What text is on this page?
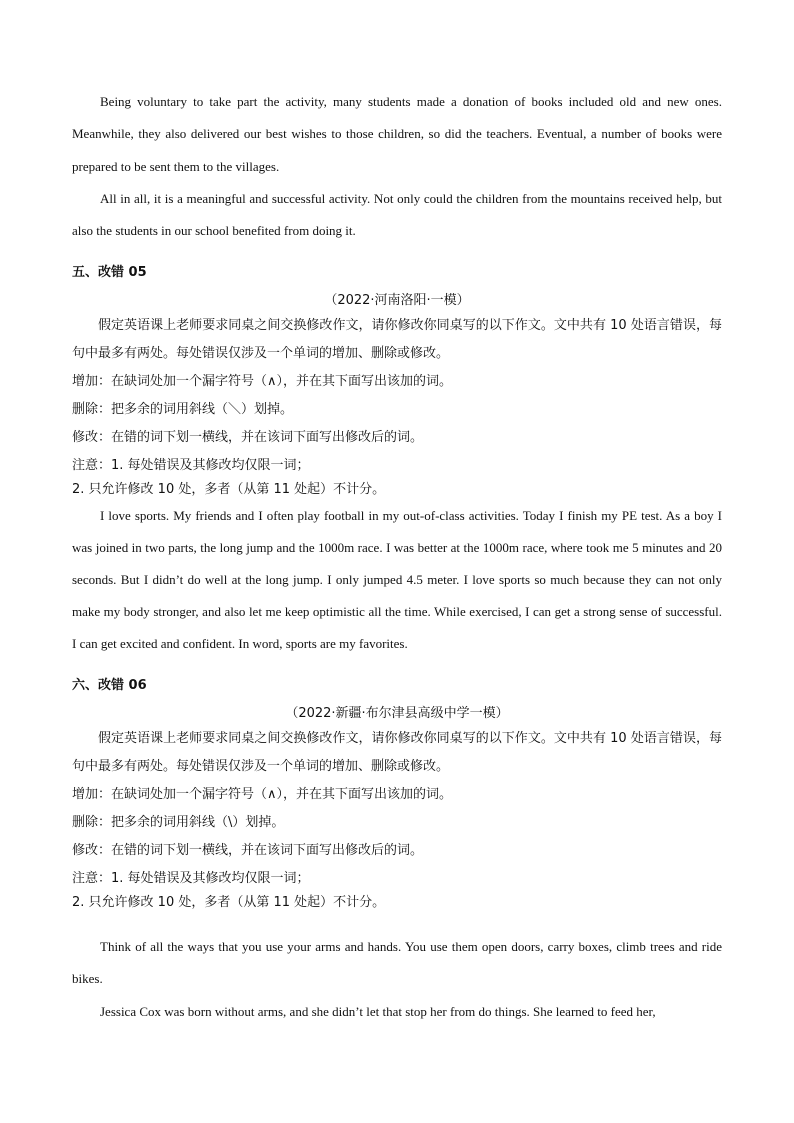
Being voluntary to take part the activity, many students made a donation of books included old and new ones. Meanwhile, they also delivered our best wishes to those children, so did the teachers. Eventual, a number of books were prepared to be sent them to the villages.

All in all, it is a meaningful and successful activity. Not only could the children from the mountains received help, but also the students in our school benefited from doing it.

五、改错 05

（2022·河南洛阳·一模）

假定英语课上老师要求同桌之间交换修改作文，请你修改你同桌写的以下作文。文中共有 10 处语言错误，每句中最多有两处。每处错误仅涉及一个单词的增加、删除或修改。

增加：在缺词处加一个漏字符号（∧），并在其下面写出该加的词。

删除：把多余的词用斜线（＼）划掉。

修改：在错的词下划一横线，并在该词下面写出修改后的词。

注意：1. 每处错误及其修改均仅限一词；

2. 只允许修改 10 处，多者（从第 11 处起）不计分。

I love sports. My friends and I often play football in my out-of-class activities. Today I finish my PE test. As a boy I was joined in two parts, the long jump and the 1000m race. I was better at the 1000m race, where took me 5 minutes and 20 seconds. But I didn’t do well at the long jump. I only jumped 4.5 meter. I love sports so much because they can not only make my body stronger, and also let me keep optimistic all the time. While exercised, I can get a strong sense of successful. I can get excited and confident. In word, sports are my favorites.

六、改错 06

（2022·新疆·布尔津县高级中学一模）

假定英语课上老师要求同桌之间交换修改作文，请你修改你同桌写的以下作文。文中共有 10 处语言错误，每句中最多有两处。每处错误仅涉及一个单词的增加、删除或修改。

增加：在缺词处加一个漏字符号（∧），并在其下面写出该加的词。

删除：把多余的词用斜线（\）划掉。

修改：在错的词下划一横线，并在该词下面写出修改后的词。

注意：1. 每处错误及其修改均仅限一词；

2. 只允许修改 10 处，多者（从第 11 处起）不计分。

Think of all the ways that you use your arms and hands. You use them open doors, carry boxes, climb trees and ride bikes.

Jessica Cox was born without arms, and she didn’t let that stop her from do things. She learned to feed her,
